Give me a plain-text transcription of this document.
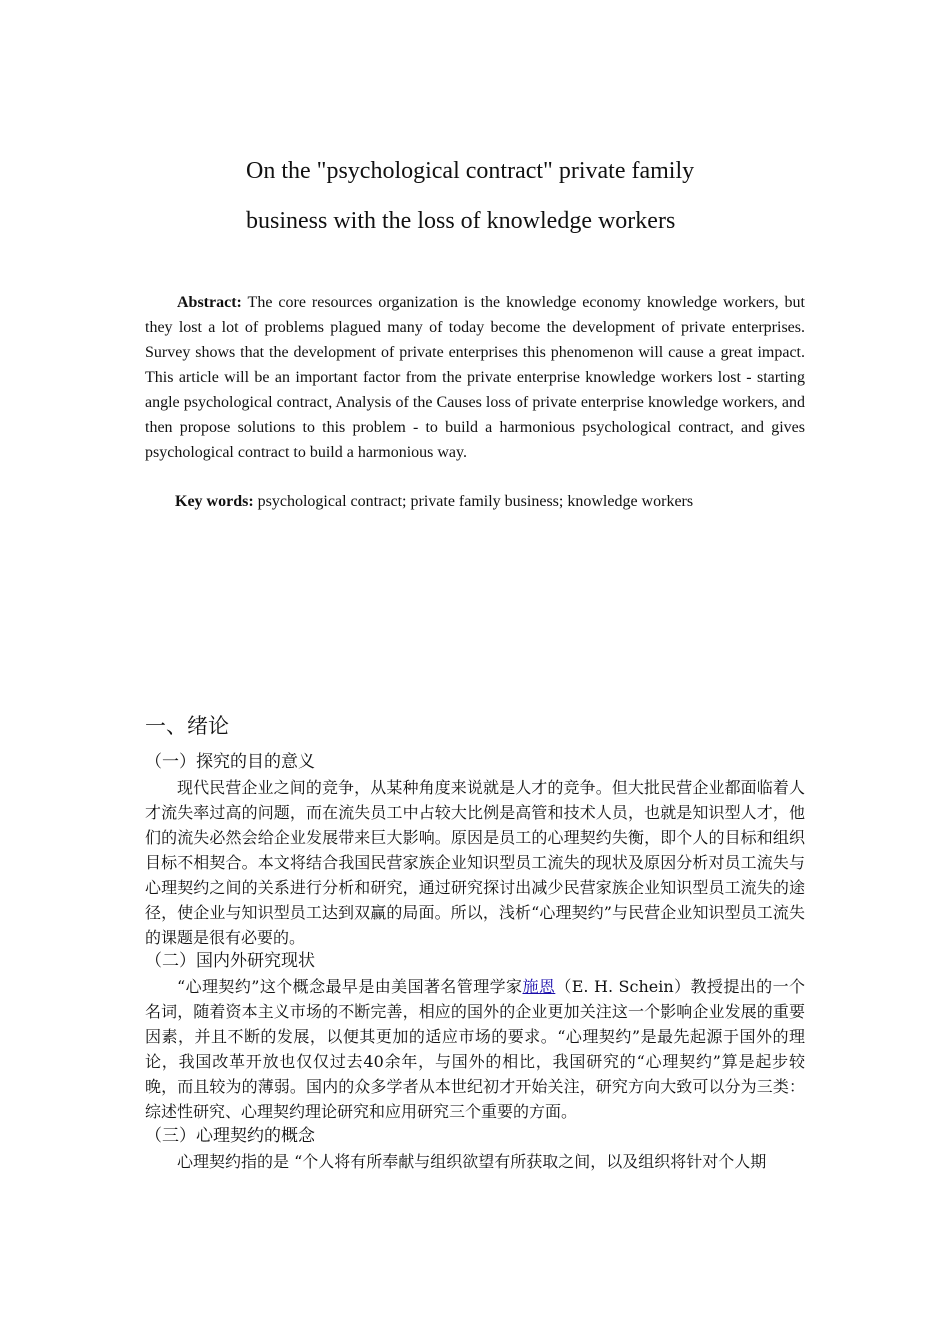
On the "psychological contract" private family
business with the loss of knowledge workers

Abstract: The core resources organization is the knowledge economy knowledge workers, but they lost a lot of problems plagued many of today become the development of private enterprises. Survey shows that the development of private enterprises this phenomenon will cause a great impact. This article will be an important factor from the private enterprise knowledge workers lost - starting angle psychological contract, Analysis of the Causes loss of private enterprise knowledge workers, and then propose solutions to this problem - to build a harmonious psychological contract, and gives psychological contract to build a harmonious way.

Key words: psychological contract; private family business; knowledge workers

一、绪论
（一）探究的目的意义

现代民营企业之间的竞争，从某种角度来说就是人才的竞争。但大批民营企业都面临着人才流失率过高的问题，而在流失员工中占较大比例是高管和技术人员，也就是知识型人才，他们的流失必然会给企业发展带来巨大影响。原因是员工的心理契约失衡，即个人的目标和组织目标不相契合。本文将结合我国民营家族企业知识型员工流失的现状及原因分析对员工流失与心理契约之间的关系进行分析和研究，通过研究探讨出减少民营家族企业知识型员工流失的途径，使企业与知识型员工达到双赢的局面。所以，浅析“心理契约”与民营企业知识型员工流失的课题是很有必要的。

（二）国内外研究现状

“心理契约”这个概念最早是由美国著名管理学家施恩（E. H. Schein）教授提出的一个名词，随着资本主义市场的不断完善，相应的国外的企业更加关注这一个影响企业发展的重要因素，并且不断的发展，以便其更加的适应市场的要求。“心理契约”是最先起源于国外的理论，我国改革开放也仅仅过去40余年，与国外的相比，我国研究的“心理契约”算是起步较晚，而且较为的薄弱。国内的众多学者从本世纪初才开始关注，研究方向大致可以分为三类：综述性研究、心理契约理论研究和应用研究三个重要的方面。

（三）心理契约的概念

心理契约指的是 “个人将有所奉献与组织欲望有所获取之间，以及组织将针对个人期
